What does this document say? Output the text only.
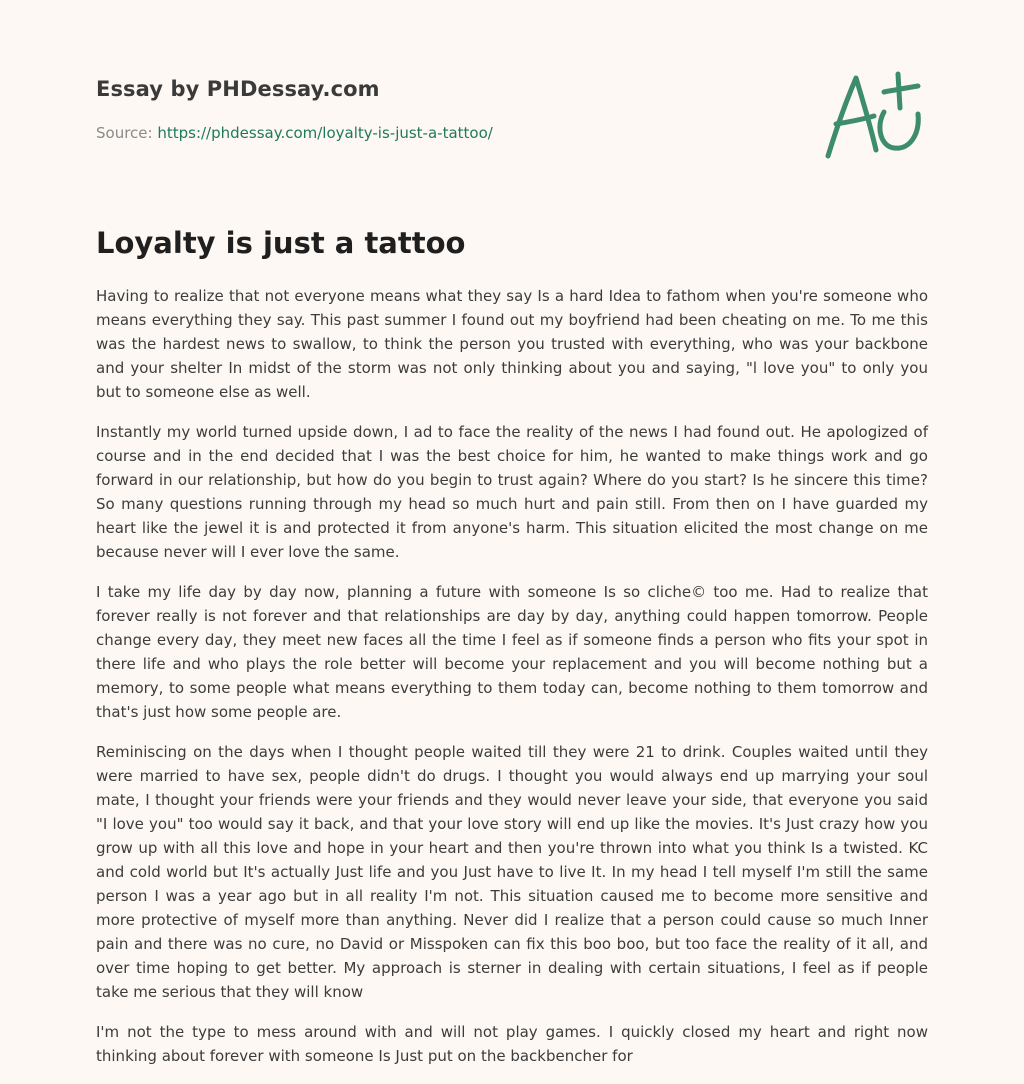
Essay by PHDessay.com
Source: https://phdessay.com/loyalty-is-just-a-tattoo/
Loyalty is just a tattoo

Having to realize that not everyone means what they say Is a hard Idea to fathom when you're someone who means everything they say. This past summer I found out my boyfriend had been cheating on me. To me this was the hardest news to swallow, to think the person you trusted with everything, who was your backbone and your shelter In midst of the storm was not only thinking about you and saying, "l love you" to only you but to someone else as well.

Instantly my world turned upside down, I ad to face the reality of the news I had found out. He apologized of course and in the end decided that I was the best choice for him, he wanted to make things work and go forward in our relationship, but how do you begin to trust again? Where do you start? Is he sincere this time? So many questions running through my head so much hurt and pain still. From then on I have guarded my heart like the jewel it is and protected it from anyone's harm. This situation elicited the most change on me because never will I ever love the same.

I take my life day by day now, planning a future with someone Is so cliche© too me. Had to realize that forever really is not forever and that relationships are day by day, anything could happen tomorrow. People change every day, they meet new faces all the time I feel as if someone finds a person who fits your spot in there life and who plays the role better will become your replacement and you will become nothing but a memory, to some people what means everything to them today can, become nothing to them tomorrow and that's just how some people are.

Reminiscing on the days when I thought people waited till they were 21 to drink. Couples waited until they were married to have sex, people didn't do drugs. I thought you would always end up marrying your soul mate, I thought your friends were your friends and they would never leave your side, that everyone you said "I love you" too would say it back, and that your love story will end up like the movies. It's Just crazy how you grow up with all this love and hope in your heart and then you're thrown into what you think Is a twisted. KC and cold world but It's actually Just life and you Just have to live It. In my head I tell myself I'm still the same person I was a year ago but in all reality I'm not. This situation caused me to become more sensitive and more protective of myself more than anything. Never did I realize that a person could cause so much Inner pain and there was no cure, no David or Misspoken can fix this boo boo, but too face the reality of it all, and over time hoping to get better. My approach is sterner in dealing with certain situations, I feel as if people take me serious that they will know

I'm not the type to mess around with and will not play games. I quickly closed my heart and right now thinking about forever with someone Is Just put on the backbencher for
